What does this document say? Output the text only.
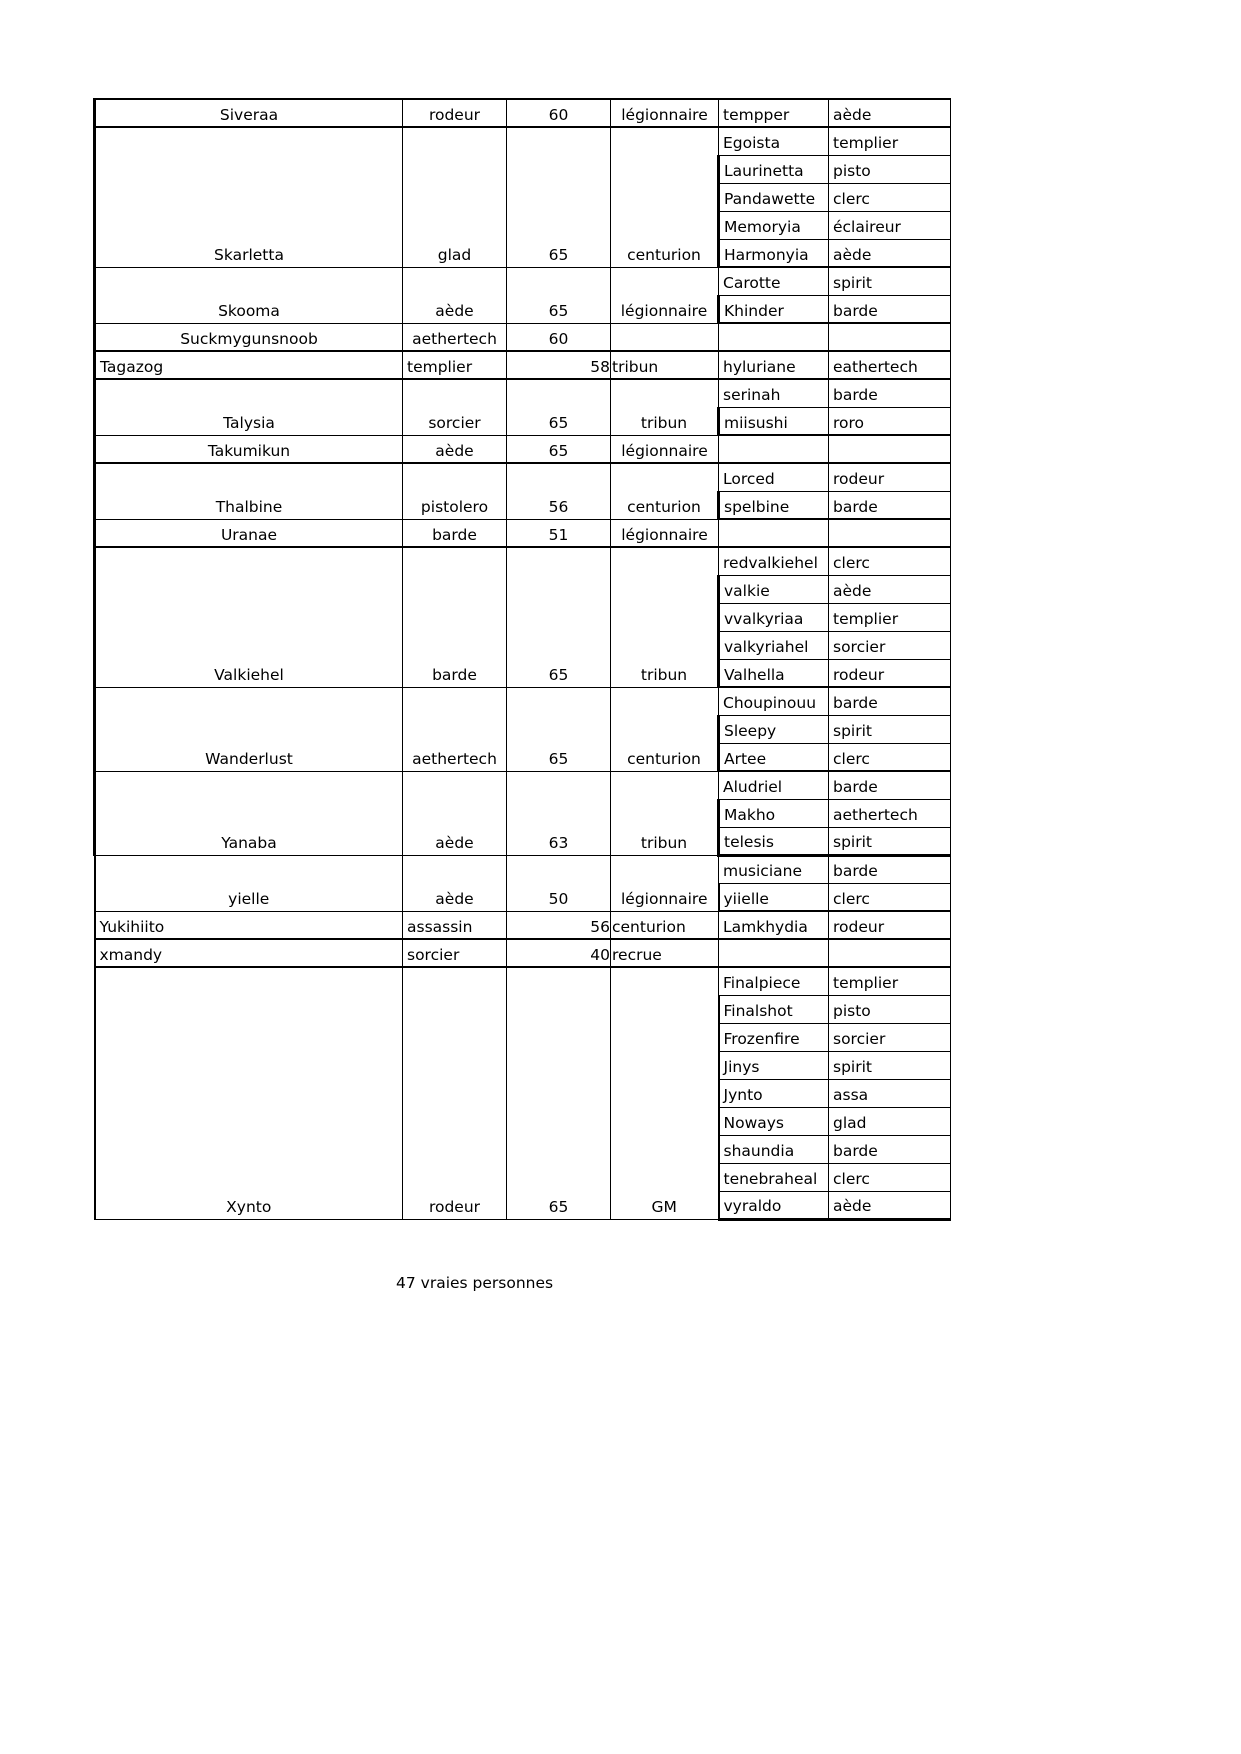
Siveraa	rodeur	60	légionnaire	tempper	aède
Skarletta	glad	65	centurion	Egoista	templier
				Laurinetta	pisto
				Pandawette	clerc
				Memoryia	éclaireur
				Harmonyia	aède
Skooma	aède	65	légionnaire	Carotte	spirit
				Khinder	barde
Suckmygunsnoob	aethertech	60			
Tagazog	templier	58	tribun	hyluriane	eathertech
Talysia	sorcier	65	tribun	serinah	barde
				miisushi	roro
Takumikun	aède	65	légionnaire		
Thalbine	pistolero	56	centurion	Lorced	rodeur
				spelbine	barde
Uranae	barde	51	légionnaire		
Valkiehel	barde	65	tribun	redvalkiehel	clerc
				valkie	aède
				vvalkyriaa	templier
				valkyriahel	sorcier
				Valhella	rodeur
Wanderlust	aethertech	65	centurion	Choupinouu	barde
				Sleepy	spirit
				Artee	clerc
Yanaba	aède	63	tribun	Aludriel	barde
				Makho	aethertech
				telesis	spirit
yielle	aède	50	légionnaire	musiciane	barde
				yiielle	clerc
Yukihiito	assassin	56	centurion	Lamkhydia	rodeur
xmandy	sorcier	40	recrue		
Xynto	rodeur	65	GM	Finalpiece	templier
				Finalshot	pisto
				Frozenfire	sorcier
				Jinys	spirit
				Jynto	assa
				Noways	glad
				shaundia	barde
				tenebraheal	clerc
				vyraldo	aède
47 vraies personnes
